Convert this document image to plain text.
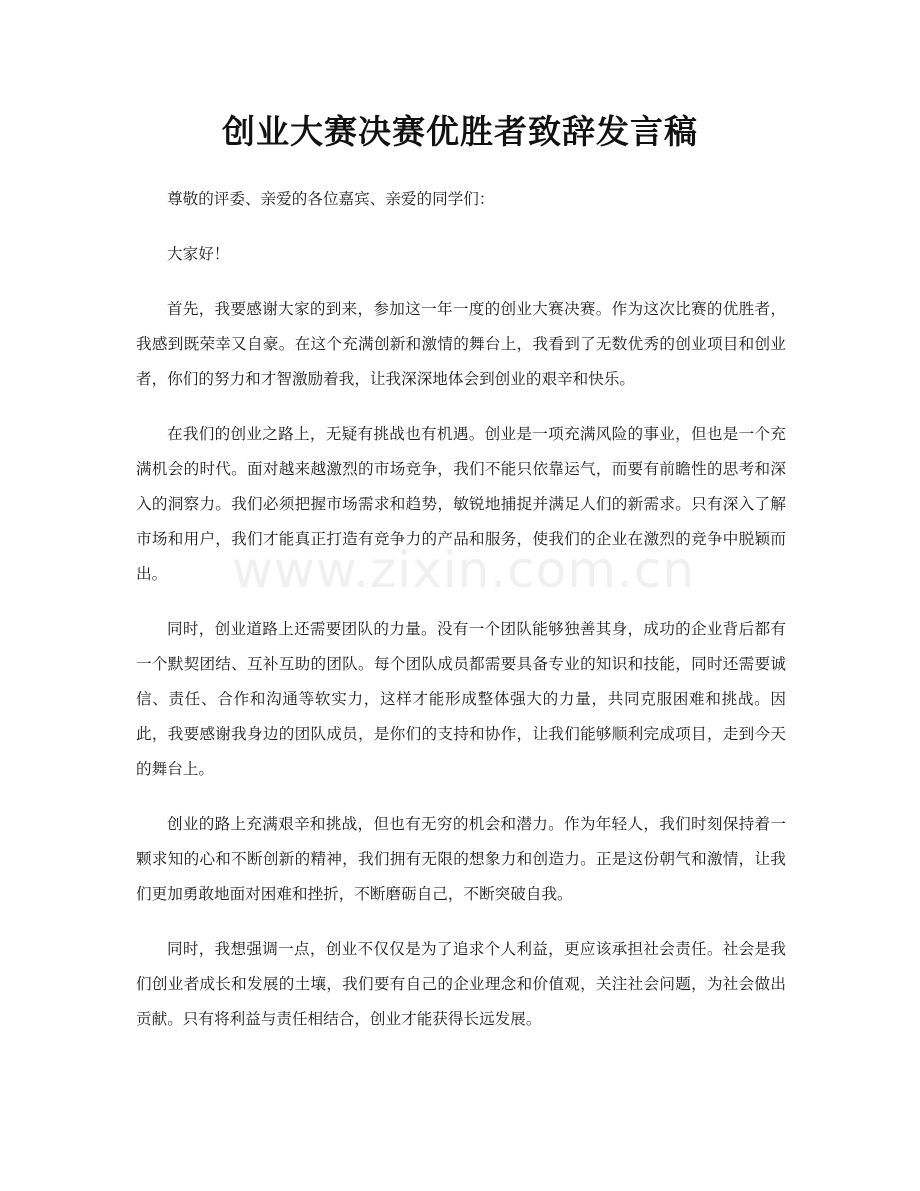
创业大赛决赛优胜者致辞发言稿

尊敬的评委、亲爱的各位嘉宾、亲爱的同学们：

大家好！

首先，我要感谢大家的到来，参加这一年一度的创业大赛决赛。作为这次比赛的优胜者，我感到既荣幸又自豪。在这个充满创新和激情的舞台上，我看到了无数优秀的创业项目和创业者，你们的努力和才智激励着我，让我深深地体会到创业的艰辛和快乐。

在我们的创业之路上，无疑有挑战也有机遇。创业是一项充满风险的事业，但也是一个充满机会的时代。面对越来越激烈的市场竞争，我们不能只依靠运气，而要有前瞻性的思考和深入的洞察力。我们必须把握市场需求和趋势，敏锐地捕捉并满足人们的新需求。只有深入了解市场和用户，我们才能真正打造有竞争力的产品和服务，使我们的企业在激烈的竞争中脱颖而出。

同时，创业道路上还需要团队的力量。没有一个团队能够独善其身，成功的企业背后都有一个默契团结、互补互助的团队。每个团队成员都需要具备专业的知识和技能，同时还需要诚信、责任、合作和沟通等软实力，这样才能形成整体强大的力量，共同克服困难和挑战。因此，我要感谢我身边的团队成员，是你们的支持和协作，让我们能够顺利完成项目，走到今天的舞台上。

创业的路上充满艰辛和挑战，但也有无穷的机会和潜力。作为年轻人，我们时刻保持着一颗求知的心和不断创新的精神，我们拥有无限的想象力和创造力。正是这份朝气和激情，让我们更加勇敢地面对困难和挫折，不断磨砺自己，不断突破自我。

同时，我想强调一点，创业不仅仅是为了追求个人利益，更应该承担社会责任。社会是我们创业者成长和发展的土壤，我们要有自己的企业理念和价值观，关注社会问题，为社会做出贡献。只有将利益与责任相结合，创业才能获得长远发展。

www.zixin.com.cn
